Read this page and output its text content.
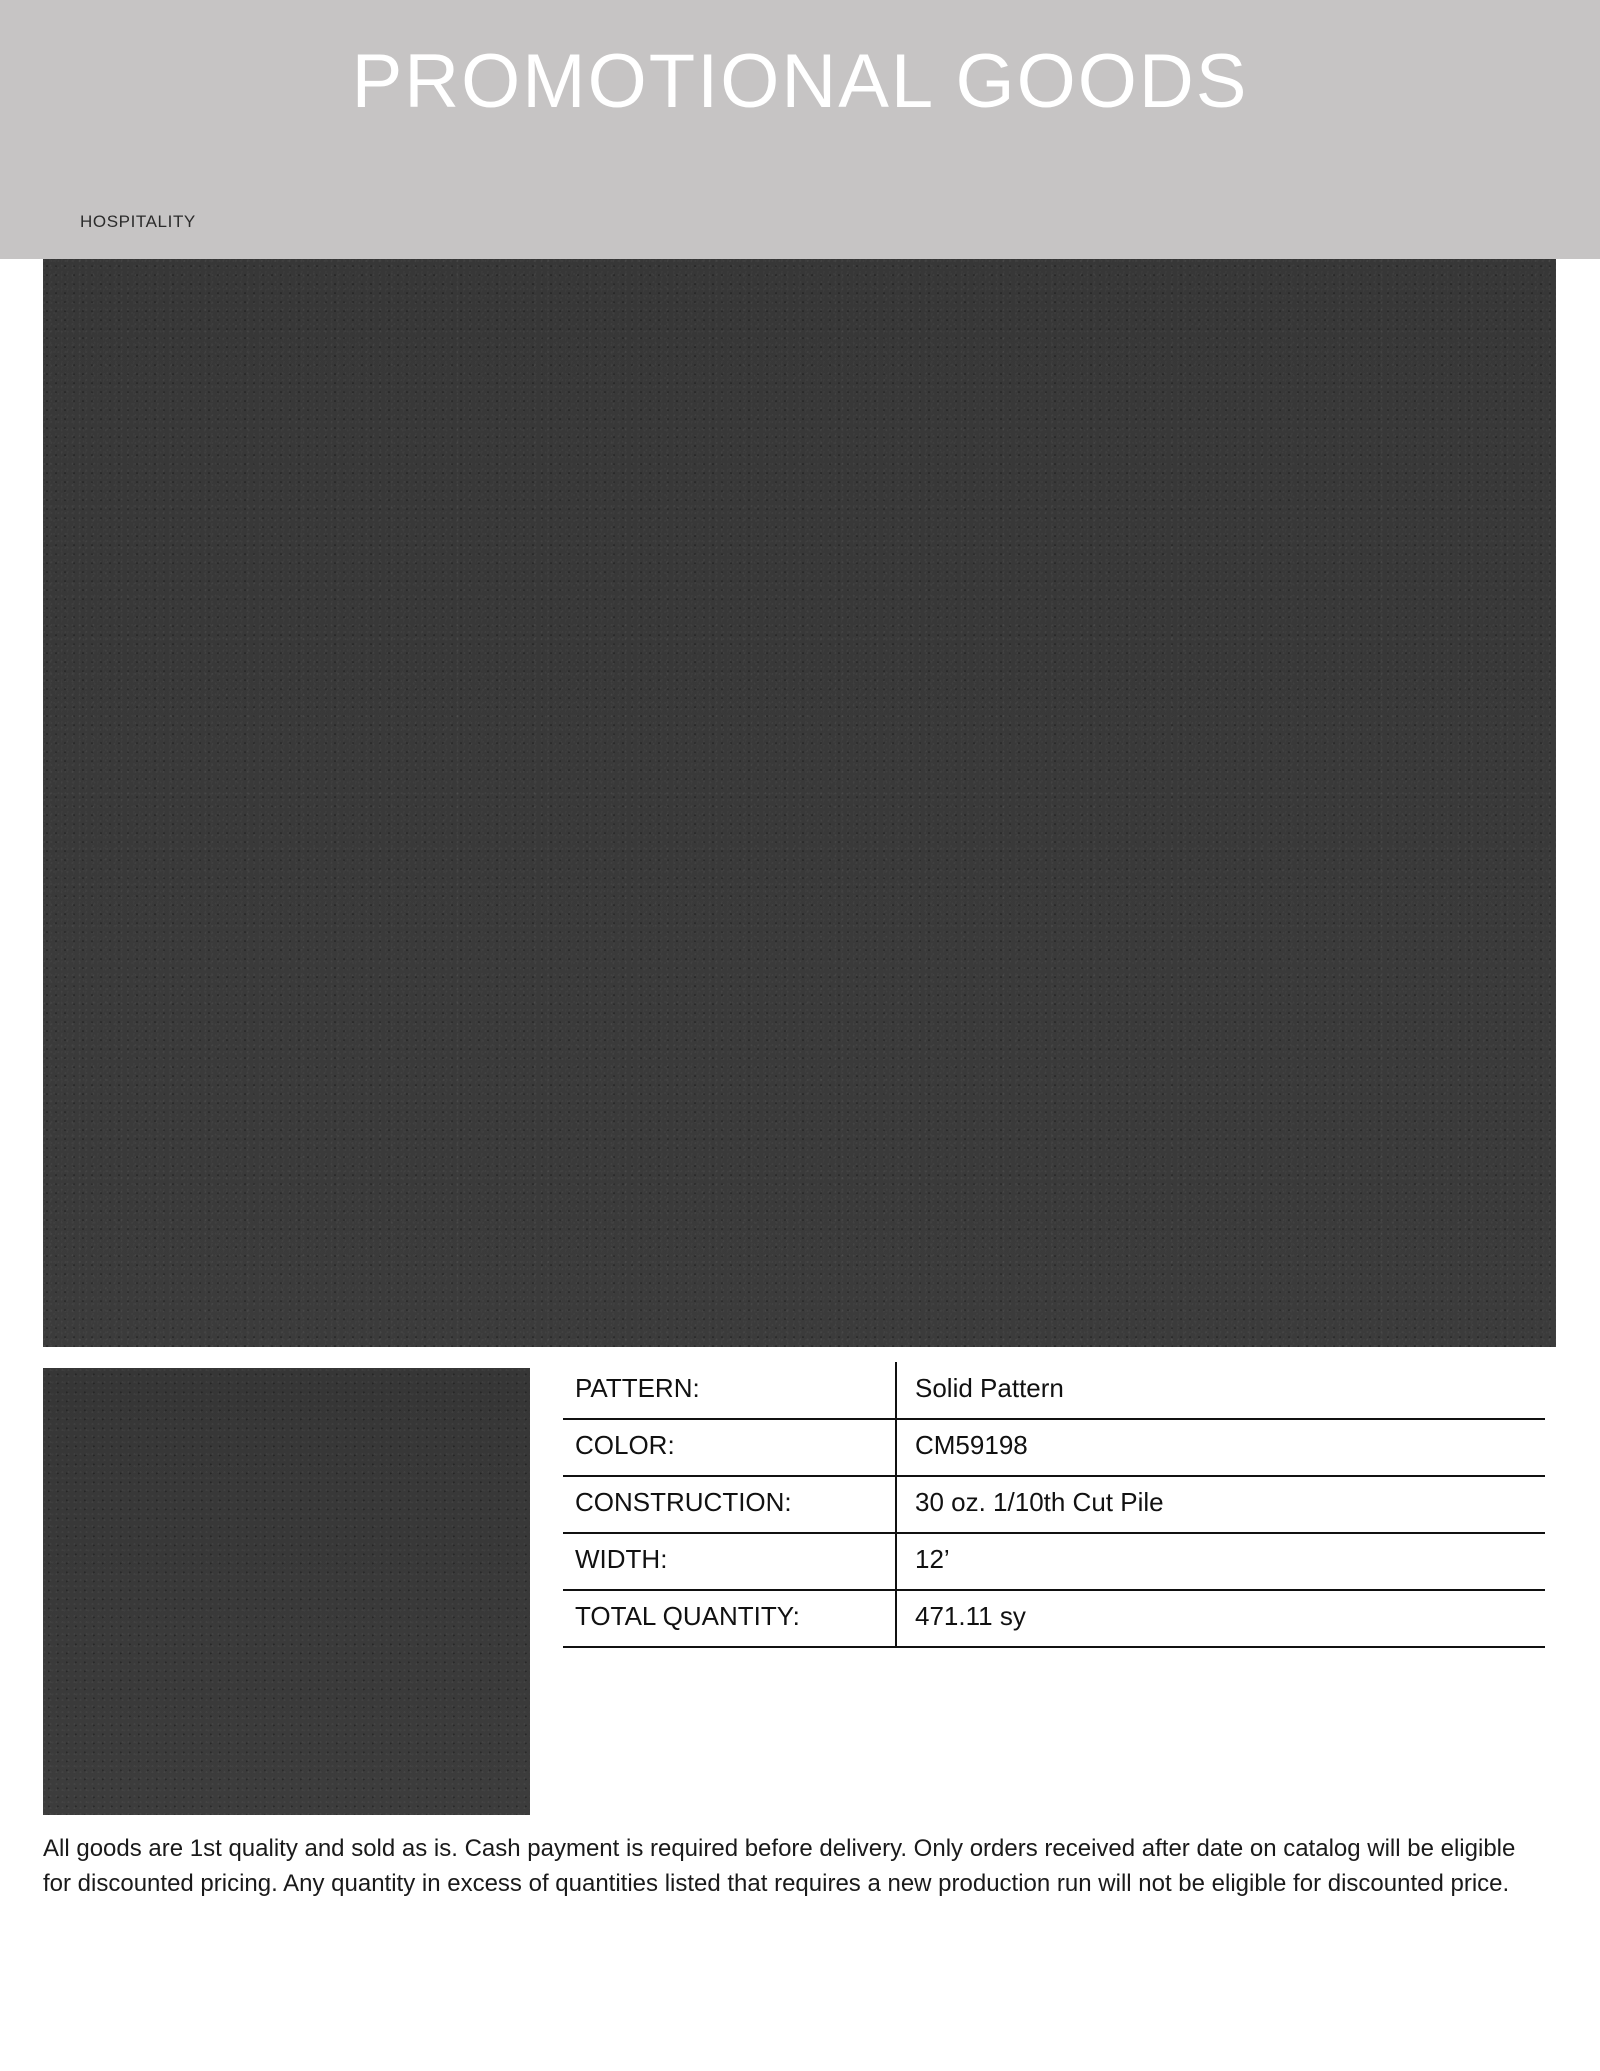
PROMOTIONAL GOODS
HOSPITALITY
PATTERN:	Solid Pattern
COLOR:	CM59198
CONSTRUCTION:	30 oz. 1/10th Cut Pile
WIDTH:	12’
TOTAL QUANTITY:	471.11 sy
All goods are 1st quality and sold as is. Cash payment is required before delivery. Only orders received after date on catalog will be eligible for discounted pricing. Any quantity in excess of quantities listed that requires a new production run will not be eligible for discounted price.
